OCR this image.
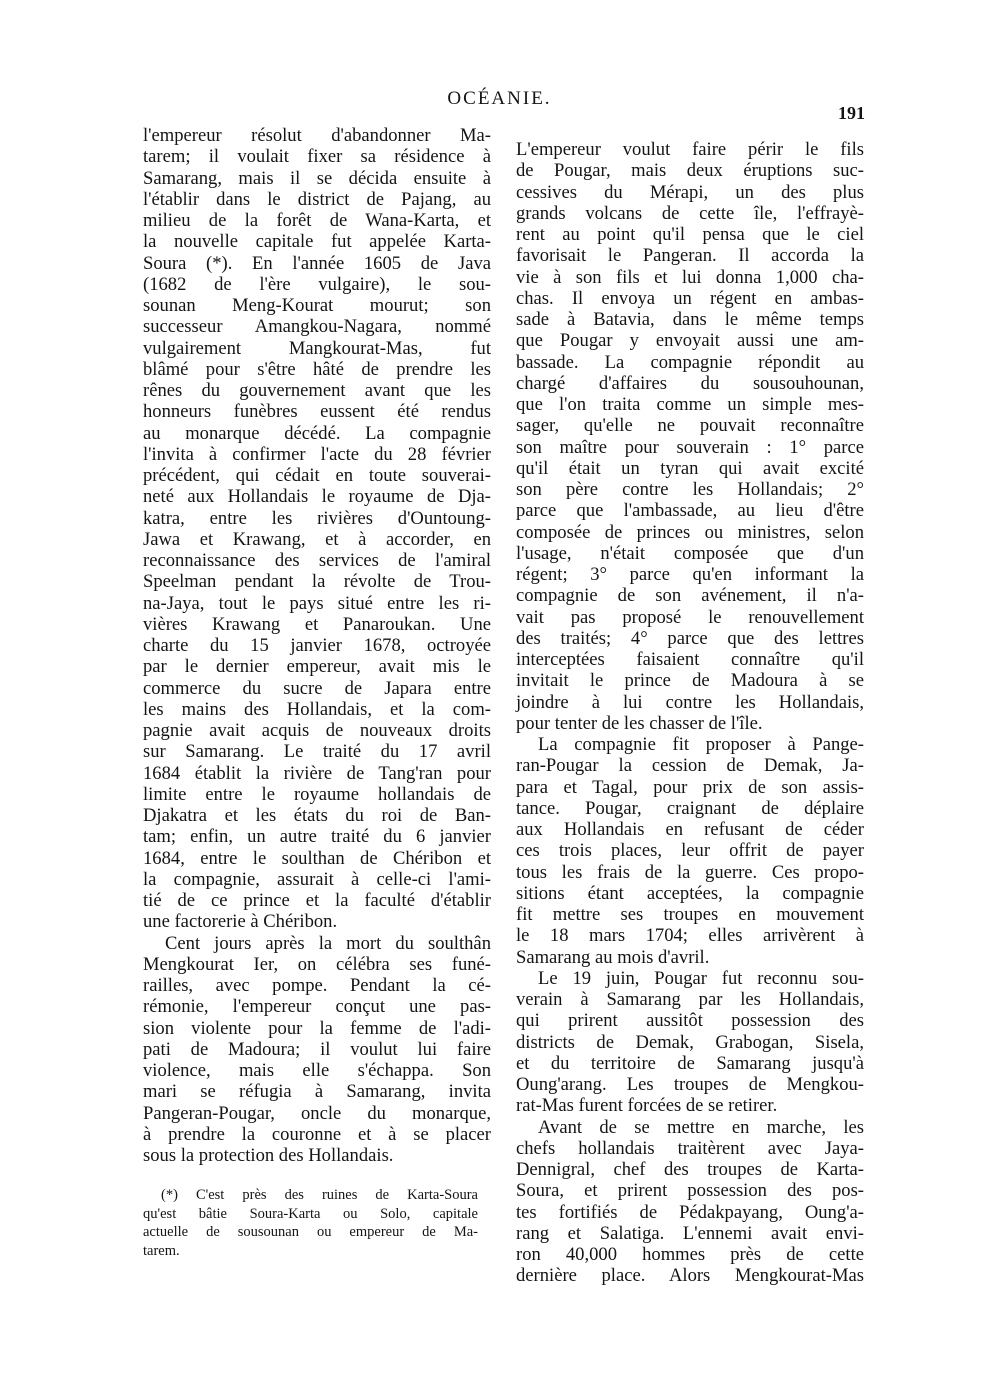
OCÉANIE.
191
l'empereur résolut d'abandonner Ma-
tarem; il voulait fixer sa résidence à
Samarang, mais il se décida ensuite à
l'établir dans le district de Pajang, au
milieu de la forêt de Wana-Karta, et
la nouvelle capitale fut appelée Karta-
Soura (*). En l'année 1605 de Java
(1682 de l'ère vulgaire), le sou-
sounan Meng-Kourat mourut; son
successeur Amangkou-Nagara, nommé
vulgairement Mangkourat-Mas, fut
blâmé pour s'être hâté de prendre les
rênes du gouvernement avant que les
honneurs funèbres eussent été rendus
au monarque décédé. La compagnie
l'invita à confirmer l'acte du 28 février
précédent, qui cédait en toute souverai-
neté aux Hollandais le royaume de Dja-
katra, entre les rivières d'Ountoung-
Jawa et Krawang, et à accorder, en
reconnaissance des services de l'amiral
Speelman pendant la révolte de Trou-
na-Jaya, tout le pays situé entre les ri-
vières Krawang et Panaroukan. Une
charte du 15 janvier 1678, octroyée
par le dernier empereur, avait mis le
commerce du sucre de Japara entre
les mains des Hollandais, et la com-
pagnie avait acquis de nouveaux droits
sur Samarang. Le traité du 17 avril
1684 établit la rivière de Tang'ran pour
limite entre le royaume hollandais de
Djakatra et les états du roi de Ban-
tam; enfin, un autre traité du 6 janvier
1684, entre le soulthan de Chéribon et
la compagnie, assurait à celle-ci l'ami-
tié de ce prince et la faculté d'établir
une factorerie à Chéribon.
Cent jours après la mort du soulthân
Mengkourat Ier, on célébra ses funé-
railles, avec pompe. Pendant la cé-
rémonie, l'empereur conçut une pas-
sion violente pour la femme de l'adi-
pati de Madoura; il voulut lui faire
violence, mais elle s'échappa. Son
mari se réfugia à Samarang, invita
Pangeran-Pougar, oncle du monarque,
à prendre la couronne et à se placer
sous la protection des Hollandais.
L'empereur voulut faire périr le fils
de Pougar, mais deux éruptions suc-
cessives du Mérapi, un des plus
grands volcans de cette île, l'effrayè-
rent au point qu'il pensa que le ciel
favorisait le Pangeran. Il accorda la
vie à son fils et lui donna 1,000 cha-
chas. Il envoya un régent en ambas-
sade à Batavia, dans le même temps
que Pougar y envoyait aussi une am-
bassade. La compagnie répondit au
chargé d'affaires du sousouhounan,
que l'on traita comme un simple mes-
sager, qu'elle ne pouvait reconnaître
son maître pour souverain : 1° parce
qu'il était un tyran qui avait excité
son père contre les Hollandais; 2°
parce que l'ambassade, au lieu d'être
composée de princes ou ministres, selon
l'usage, n'était composée que d'un
régent; 3° parce qu'en informant la
compagnie de son avénement, il n'a-
vait pas proposé le renouvellement
des traités; 4° parce que des lettres
interceptées faisaient connaître qu'il
invitait le prince de Madoura à se
joindre à lui contre les Hollandais,
pour tenter de les chasser de l'île.
La compagnie fit proposer à Pange-
ran-Pougar la cession de Demak, Ja-
para et Tagal, pour prix de son assis-
tance. Pougar, craignant de déplaire
aux Hollandais en refusant de céder
ces trois places, leur offrit de payer
tous les frais de la guerre. Ces propo-
sitions étant acceptées, la compagnie
fit mettre ses troupes en mouvement
le 18 mars 1704; elles arrivèrent à
Samarang au mois d'avril.
Le 19 juin, Pougar fut reconnu sou-
verain à Samarang par les Hollandais,
qui prirent aussitôt possession des
districts de Demak, Grabogan, Sisela,
et du territoire de Samarang jusqu'à
Oung'arang. Les troupes de Mengkou-
rat-Mas furent forcées de se retirer.
Avant de se mettre en marche, les
chefs hollandais traitèrent avec Jaya-
Dennigral, chef des troupes de Karta-
Soura, et prirent possession des pos-
tes fortifiés de Pédakpayang, Oung'a-
rang et Salatiga. L'ennemi avait envi-
ron 40,000 hommes près de cette
dernière place. Alors Mengkourat-Mas
(*) C'est près des ruines de Karta-Soura
qu'est bâtie Soura-Karta ou Solo, capitale
actuelle de sousounan ou empereur de Ma-
tarem.
